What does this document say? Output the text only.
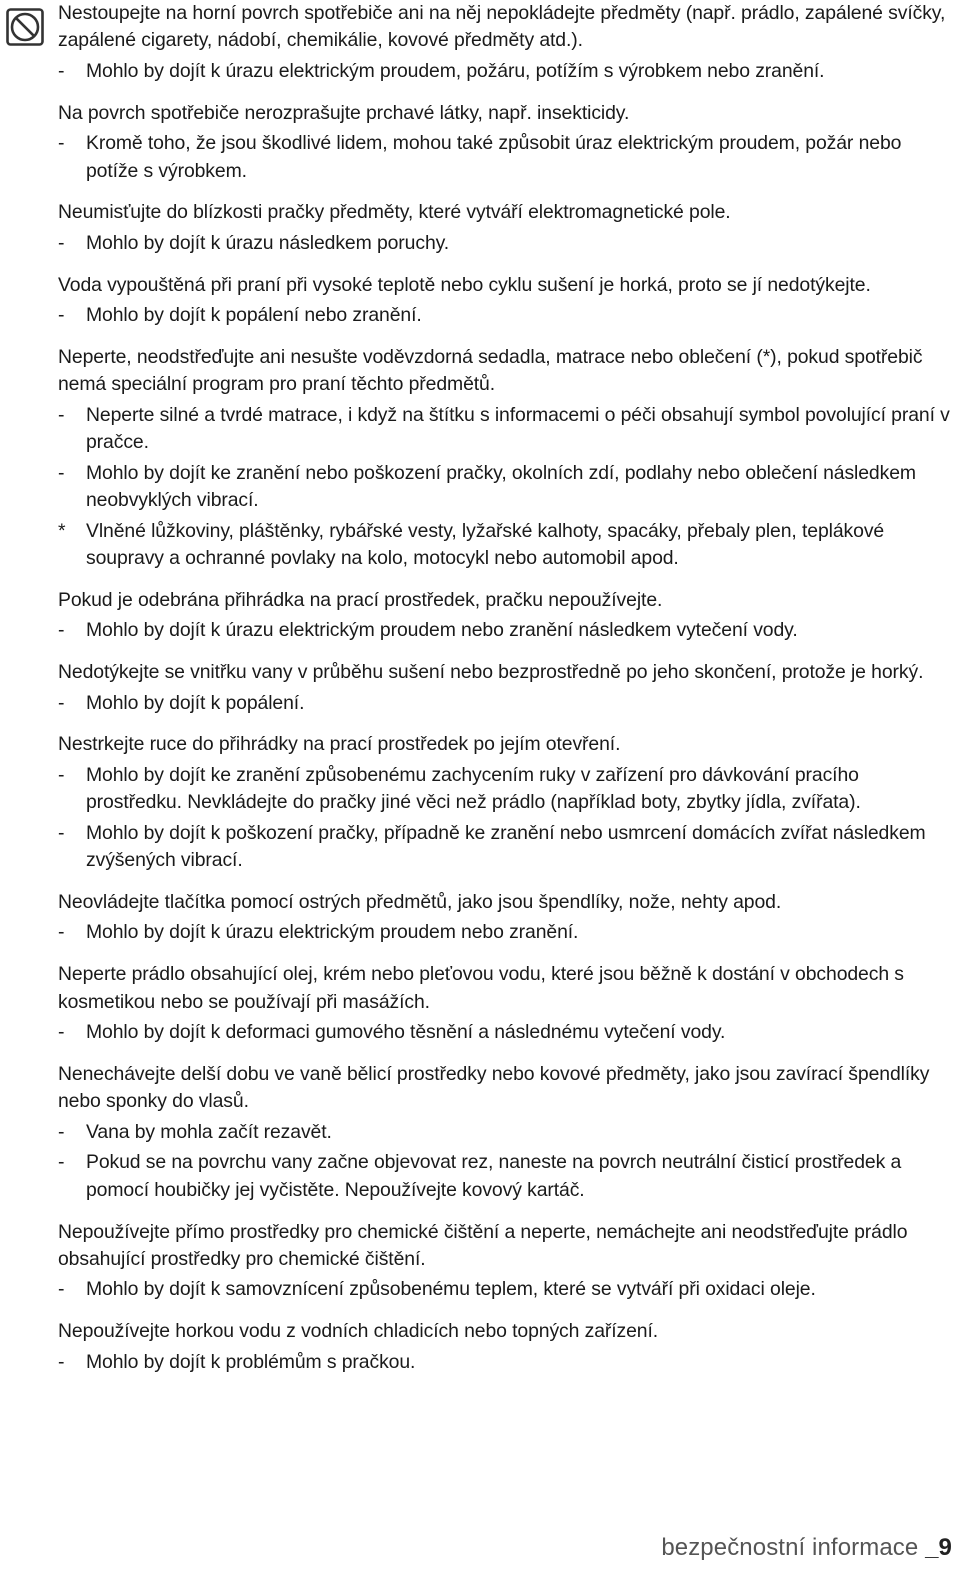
Nestoupejte na horní povrch spotřebiče ani na něj nepokládejte předměty (např. prádlo, zapálené svíčky, zapálené cigarety, nádobí, chemikálie, kovové předměty atd.).
- Mohlo by dojít k úrazu elektrickým proudem, požáru, potížím s výrobkem nebo zranění.
Na povrch spotřebiče nerozprašujte prchavé látky, např. insekticidy.
- Kromě toho, že jsou škodlivé lidem, mohou také způsobit úraz elektrickým proudem, požár nebo potíže s výrobkem.
Neumisťujte do blízkosti pračky předměty, které vytváří elektromagnetické pole.
- Mohlo by dojít k úrazu následkem poruchy.
Voda vypouštěná při praní při vysoké teplotě nebo cyklu sušení je horká, proto se jí nedotýkejte.
- Mohlo by dojít k popálení nebo zranění.
Neperte, neodstřeďujte ani nesušte voděvzdorná sedadla, matrace nebo oblečení (*), pokud spotřebič nemá speciální program pro praní těchto předmětů.
- Neperte silné a tvrdé matrace, i když na štítku s informacemi o péči obsahují symbol povolující praní v pračce.
- Mohlo by dojít ke zranění nebo poškození pračky, okolních zdí, podlahy nebo oblečení následkem neobvyklých vibrací.
* Vlněné lůžkoviny, pláštěnky, rybářské vesty, lyžařské kalhoty, spacáky, přebaly plen, teplákové soupravy a ochranné povlaky na kolo, motocykl nebo automobil apod.
Pokud je odebrána přihrádka na prací prostředek, pračku nepoužívejte.
- Mohlo by dojít k úrazu elektrickým proudem nebo zranění následkem vytečení vody.
Nedotýkejte se vnitřku vany v průběhu sušení nebo bezprostředně po jeho skončení, protože je horký.
- Mohlo by dojít k popálení.
Nestrkejte ruce do přihrádky na prací prostředek po jejím otevření.
- Mohlo by dojít ke zranění způsobenému zachycením ruky v zařízení pro dávkování pracího prostředku. Nevkládejte do pračky jiné věci než prádlo (například boty, zbytky jídla, zvířata).
- Mohlo by dojít k poškození pračky, případně ke zranění nebo usmrcení domácích zvířat následkem zvýšených vibrací.
Neovládejte tlačítka pomocí ostrých předmětů, jako jsou špendlíky, nože, nehty apod.
- Mohlo by dojít k úrazu elektrickým proudem nebo zranění.
Neperte prádlo obsahující olej, krém nebo pleťovou vodu, které jsou běžně k dostání v obchodech s kosmetikou nebo se používají při masážích.
- Mohlo by dojít k deformaci gumového těsnění a následnému vytečení vody.
Nenechávejte delší dobu ve vaně bělicí prostředky nebo kovové předměty, jako jsou zavírací špendlíky nebo sponky do vlasů.
- Vana by mohla začít rezavět.
- Pokud se na povrchu vany začne objevovat rez, naneste na povrch neutrální čisticí prostředek a pomocí houbičky jej vyčistěte. Nepoužívejte kovový kartáč.
Nepoužívejte přímo prostředky pro chemické čištění a neperte, nemáchejte ani neodstřeďujte prádlo obsahující prostředky pro chemické čištění.
- Mohlo by dojít k samovznícení způsobenému teplem, které se vytváří při oxidaci oleje.
Nepoužívejte horkou vodu z vodních chladicích nebo topných zařízení.
- Mohlo by dojít k problémům s pračkou.
bezpečnostní informace _9
